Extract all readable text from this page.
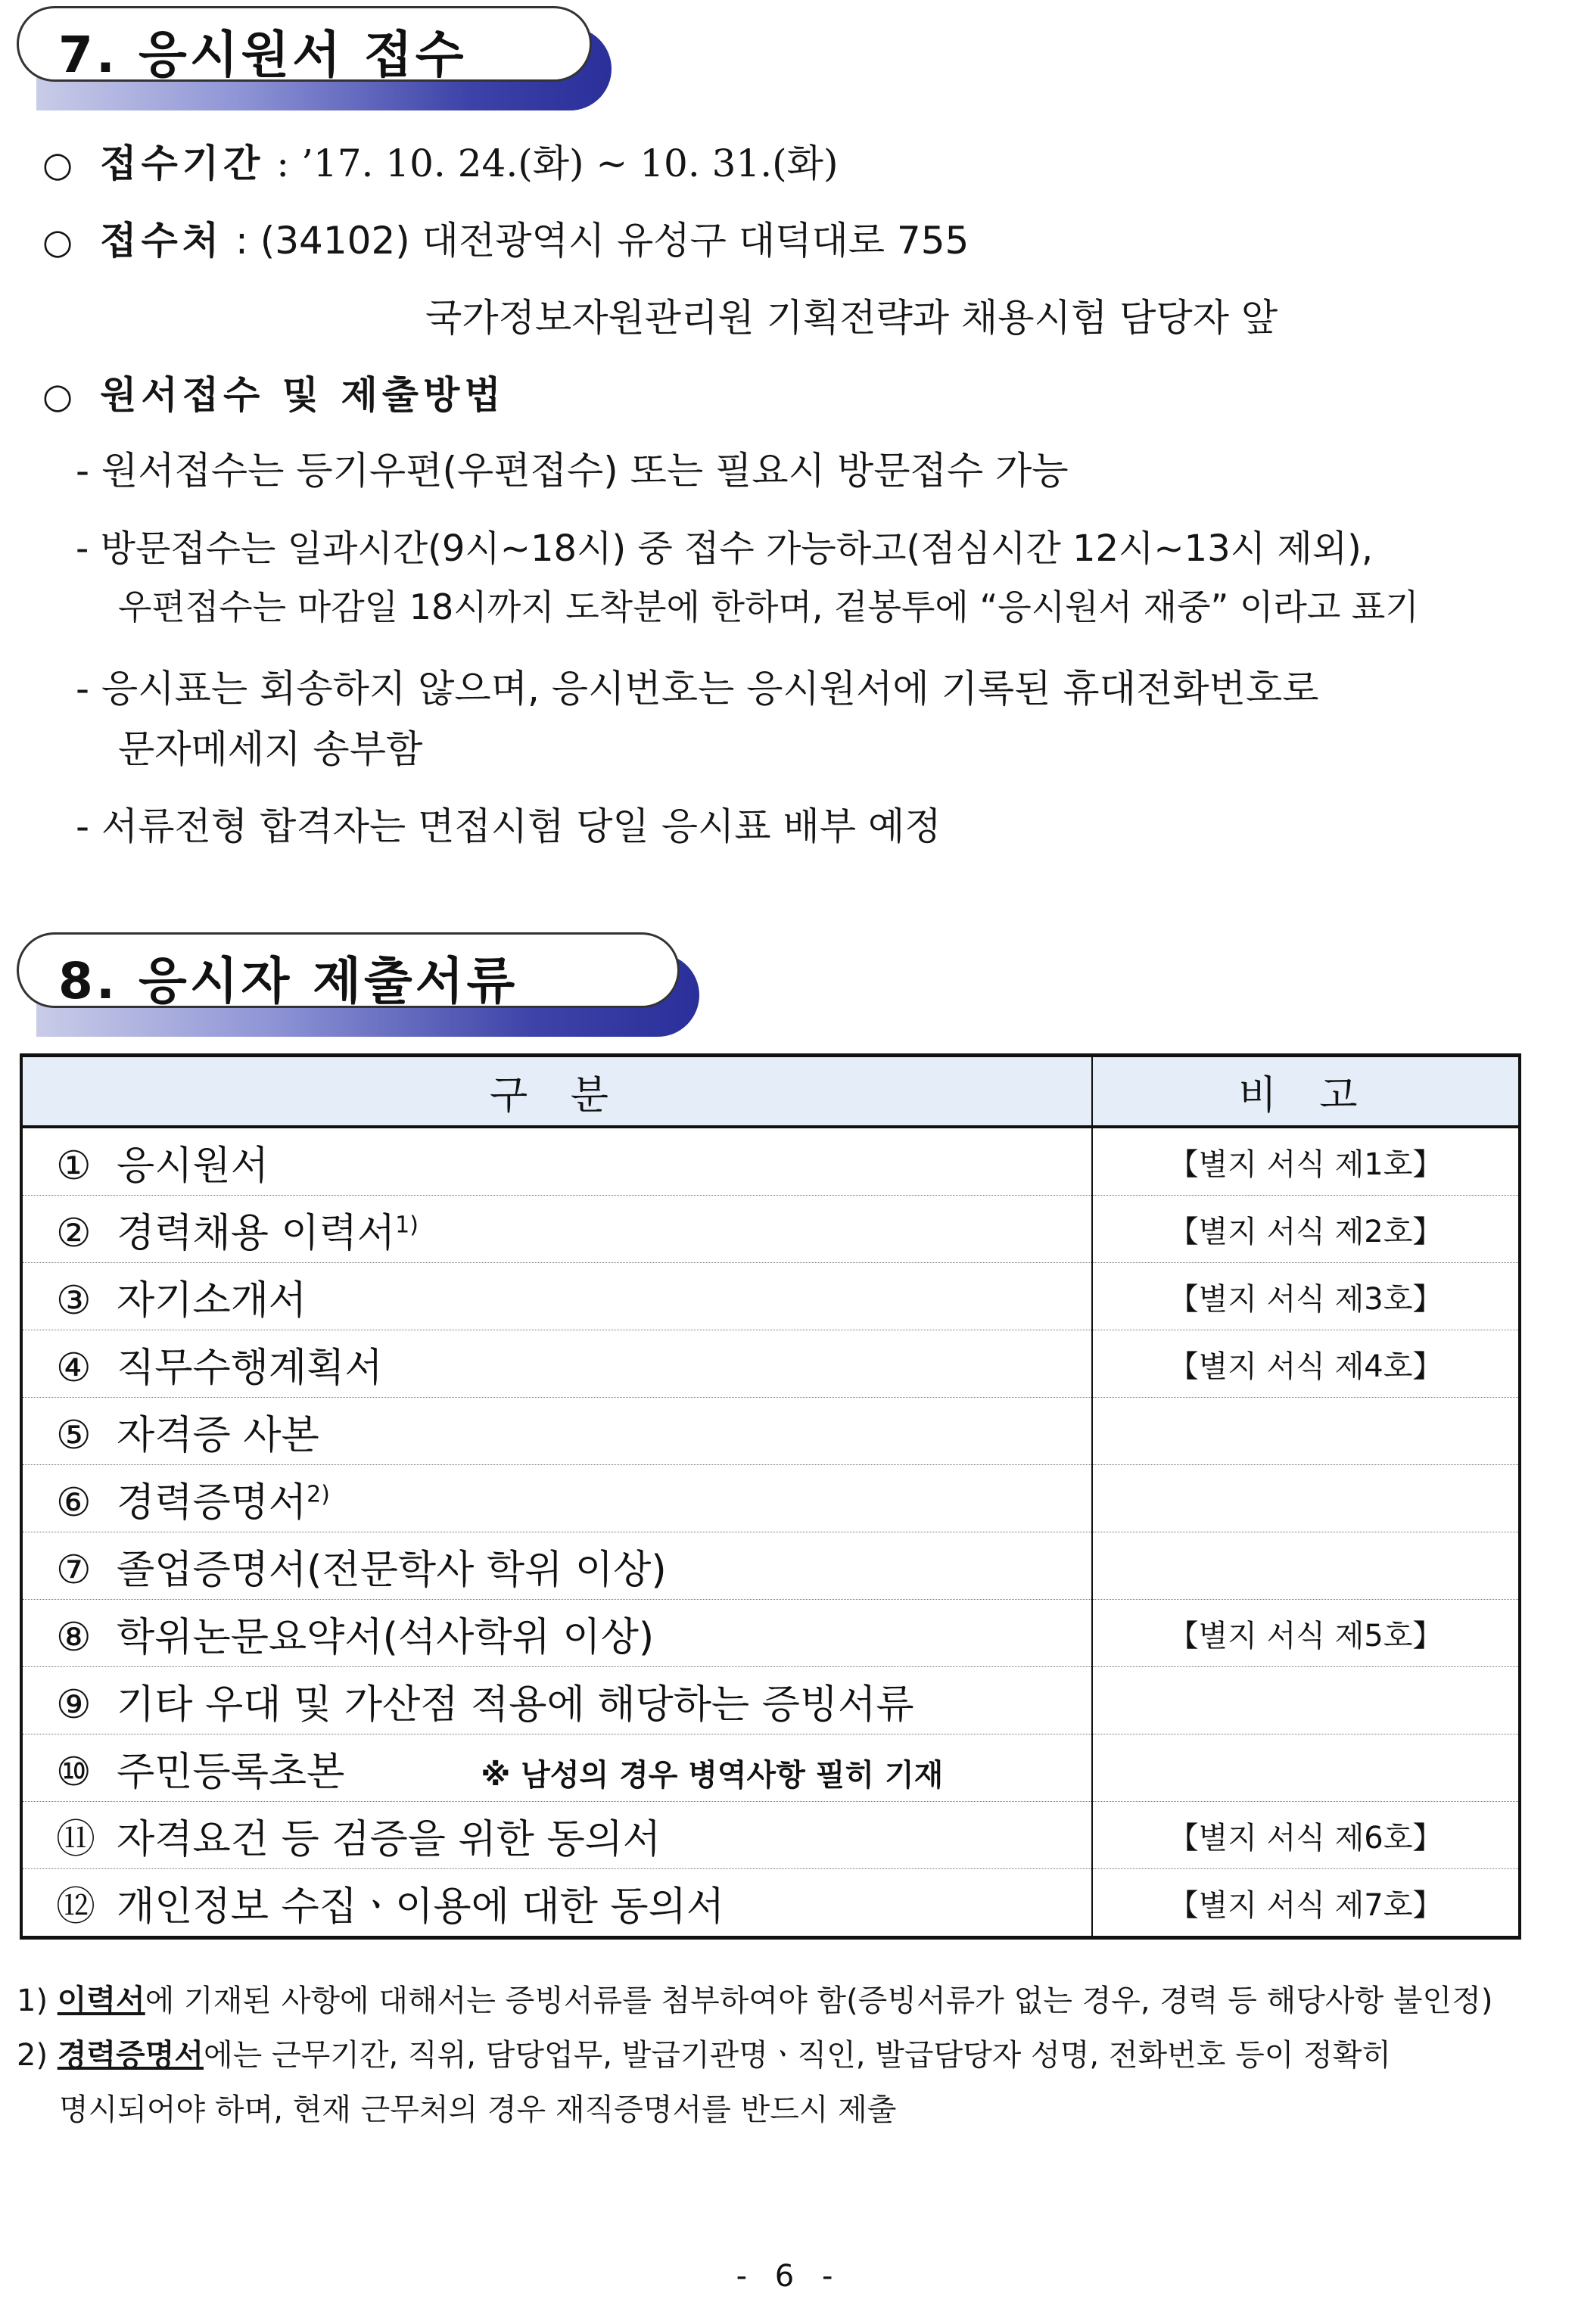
7. 응시원서 접수
○ 접수기간 : ’17. 10. 24.(화) ~ 10. 31.(화)
○ 접수처 : (34102) 대전광역시 유성구 대덕대로 755
국가정보자원관리원 기획전략과 채용시험 담당자 앞
○ 원서접수 및 제출방법
- 원서접수는 등기우편(우편접수) 또는 필요시 방문접수 가능
- 방문접수는 일과시간(9시~18시) 중 접수 가능하고(점심시간 12시~13시 제외),
우편접수는 마감일 18시까지 도착분에 한하며, 겉봉투에 “응시원서 재중” 이라고 표기
- 응시표는 회송하지 않으며, 응시번호는 응시원서에 기록된 휴대전화번호로
문자메세지 송부함
- 서류전형 합격자는 면접시험 당일 응시표 배부 예정
8. 응시자 제출서류
구 분	비 고
① 응시원서	【별지 서식 제1호】
② 경력채용 이력서$^{1)}$	【별지 서식 제2호】
③ 자기소개서	【별지 서식 제3호】
④ 직무수행계획서	【별지 서식 제4호】
⑤ 자격증 사본	
⑥ 경력증명서$^{2)}$	
⑦ 졸업증명서(전문학사 학위 이상)	
⑧ 학위논문요약서(석사학위 이상)	【별지 서식 제5호】
⑨ 기타 우대 및 가산점 적용에 해당하는 증빙서류	
⑩ 주민등록초본 ※ 남성의 경우 병역사항 필히 기재	
⑪ 자격요건 등 검증을 위한 동의서	【별지 서식 제6호】
⑫ 개인정보 수집ㆍ이용에 대한 동의서	【별지 서식 제7호】
1) 이력서에 기재된 사항에 대해서는 증빙서류를 첨부하여야 함(증빙서류가 없는 경우, 경력 등 해당사항 불인정)
2) 경력증명서에는 근무기간, 직위, 담당업무, 발급기관명ㆍ직인, 발급담당자 성명, 전화번호 등이 정확히
명시되어야 하며, 현재 근무처의 경우 재직증명서를 반드시 제출
- 6 -
